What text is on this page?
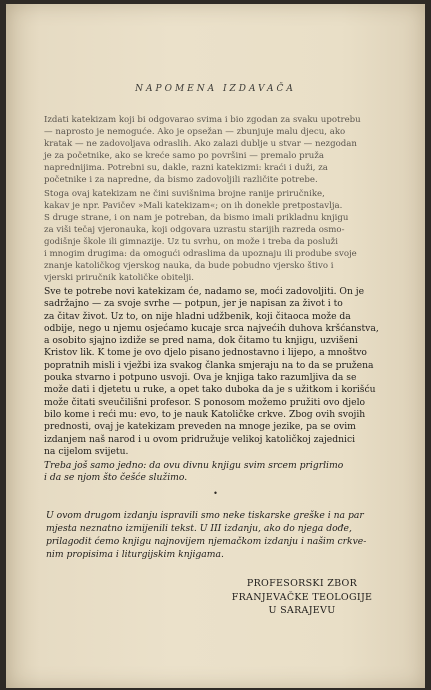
NAPOMENA IZDAVAČA

Izdati katekizam koji bi odgovarao svima i bio zgodan za svaku upotrebu
— naprosto je nemoguće. Ako je opsežan — zbunjuje malu djecu, ako
kratak — ne zadovoljava odraslih. Ako zalazi dublje u stvar — nezgodan
je za početnike, ako se kreće samo po površini — premalo pruža
naprednijima. Potrebni su, dakle, razni katekizmi: kraći i duži, za
početnike i za napredne, da bismo zadovoljili različite potrebe.

Stoga ovaj katekizam ne čini suvišnima brojne ranije priručnike,
kakav je npr. Pavičev »Mali katekizam«; on ih donekle pretpostavlja.
S druge strane, i on nam je potreban, da bismo imali prikladnu knjigu
za viši tečaj vjeronauka, koji odgovara uzrastu starijih razreda osmo-
godišnje škole ili gimnazije. Uz tu svrhu, on može i treba da posluži
i mnogim drugima: da omogući odraslima da upoznaju ili prodube svoje
znanje katoličkog vjerskog nauka, da bude pobudno vjersko štivo i
vjerski priručnik katoličke obitelji.

Sve te potrebe novi katekizam će, nadamo se, moći zadovoljiti. On je
sadržajno — za svoje svrhe — potpun, jer je napisan za život i to
za čitav život. Uz to, on nije hladni udžbenik, koji čitaoca može da
odbije, nego u njemu osjećamo kucaje srca najvećih duhova kršćanstva,
a osobito sjajno izdiže se pred nama, dok čitamo tu knjigu, uzvišeni
Kristov lik. K tome je ovo djelo pisano jednostavno i lijepo, a mnoštvo
popratnih misli i vježbi iza svakog članka smjeraju na to da se pružena
pouka stvarno i potpuno usvoji. Ova je knjiga tako razumljiva da se
može dati i djetetu u ruke, a opet tako duboka da je s užitkom i korišću
može čitati sveučilišni profesor. S ponosom možemo pružiti ovo djelo
bilo kome i reći mu: evo, to je nauk Katoličke crkve. Zbog ovih svojih
prednosti, ovaj je katekizam preveden na mnoge jezike, pa se ovim
izdanjem naš narod i u ovom pridružuje velikoj katoličkoj zajednici
na cijelom svijetu.

Treba još samo jedno: da ovu divnu knjigu svim srcem prigrlimo
i da se njom što češće služimo.

•

U ovom drugom izdanju ispravili smo neke tiskarske greške i na par
mjesta neznatno izmijenili tekst. U III izdanju, ako do njega dođe,
prilagodit ćemo knjigu najnovijem njemačkom izdanju i našim crkve-
nim propisima i liturgijskim knjigama.

PROFESORSKI ZBOR
FRANJEVAČKE TEOLOGIJE
U SARAJEVU
